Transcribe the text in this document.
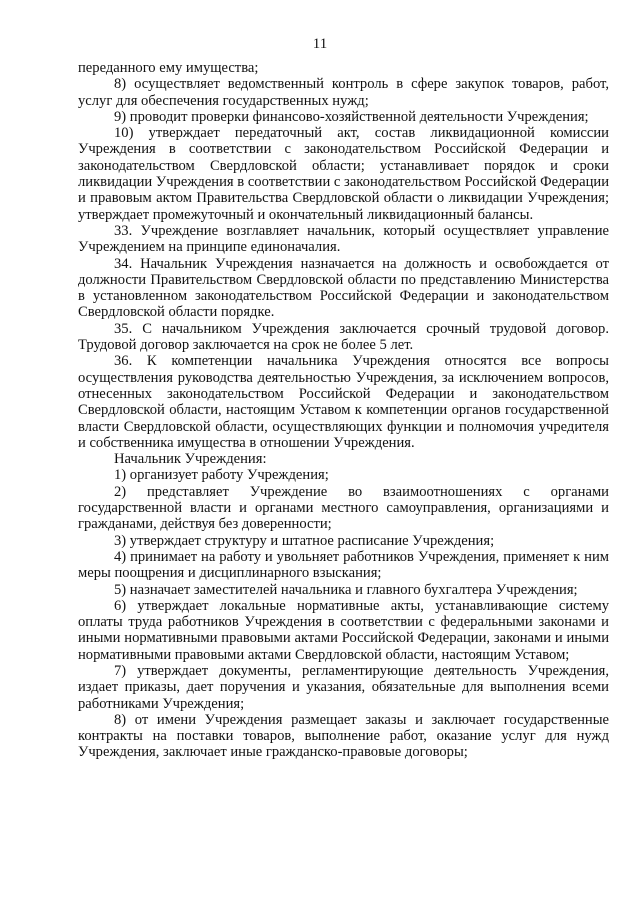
11

переданного ему имущества;

8) осуществляет ведомственный контроль в сфере закупок товаров, работ, услуг для обеспечения государственных нужд;

9) проводит проверки финансово-хозяйственной деятельности Учреждения;

10) утверждает передаточный акт, состав ликвидационной комиссии Учреждения в соответствии с законодательством Российской Федерации и законодательством Свердловской области; устанавливает порядок и сроки ликвидации Учреждения в соответствии с законодательством Российской Федерации и правовым актом Правительства Свердловской области о ликвидации Учреждения; утверждает промежуточный и окончательный ликвидационный балансы.

33. Учреждение возглавляет начальник, который осуществляет управление Учреждением на принципе единоначалия.

34. Начальник Учреждения назначается на должность и освобождается от должности Правительством Свердловской области по представлению Министерства в установленном законодательством Российской Федерации и законодательством Свердловской области порядке.

35. С начальником Учреждения заключается срочный трудовой договор. Трудовой договор заключается на срок не более 5 лет.

36. К компетенции начальника Учреждения относятся все вопросы осуществления руководства деятельностью Учреждения, за исключением вопросов, отнесенных законодательством Российской Федерации и законодательством Свердловской области, настоящим Уставом к компетенции органов государственной власти Свердловской области, осуществляющих функции и полномочия учредителя и собственника имущества в отношении Учреждения.

Начальник Учреждения:

1) организует работу Учреждения;

2) представляет Учреждение во взаимоотношениях с органами государственной власти и органами местного самоуправления, организациями и гражданами, действуя без доверенности;

3) утверждает структуру и штатное расписание Учреждения;

4) принимает на работу и увольняет работников Учреждения, применяет к ним меры поощрения и дисциплинарного взыскания;

5) назначает заместителей начальника и главного бухгалтера Учреждения;

6) утверждает локальные нормативные акты, устанавливающие систему оплаты труда работников Учреждения в соответствии с федеральными законами и иными нормативными правовыми актами Российской Федерации, законами и иными нормативными правовыми актами Свердловской области, настоящим Уставом;

7) утверждает документы, регламентирующие деятельность Учреждения, издает приказы, дает поручения и указания, обязательные для выполнения всеми работниками Учреждения;

8) от имени Учреждения размещает заказы и заключает государственные контракты на поставки товаров, выполнение работ, оказание услуг для нужд Учреждения, заключает иные гражданско-правовые договоры;
